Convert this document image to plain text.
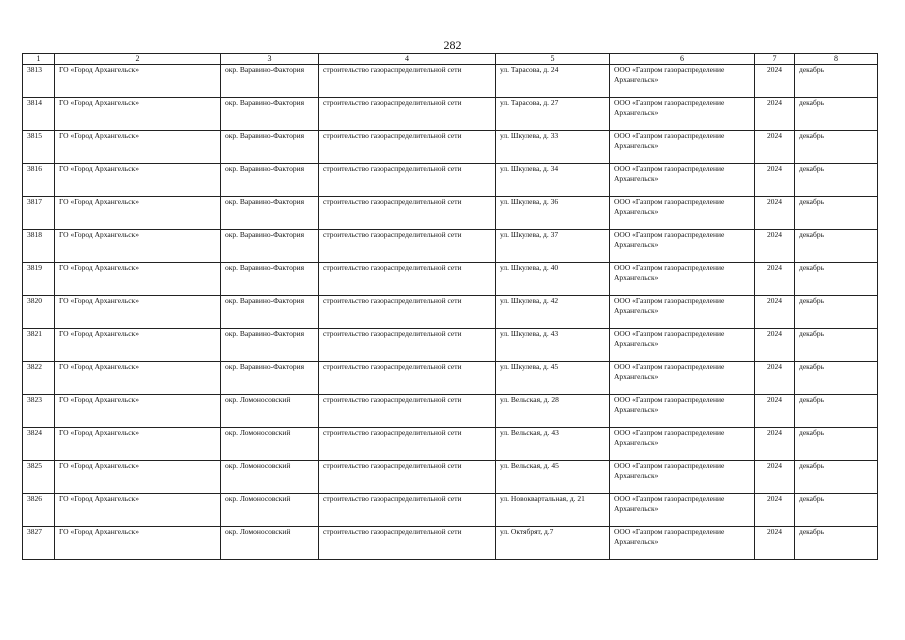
282
1	2	3	4	5	6	7	8
3813	ГО «Город Архангельск»	окр. Варавино-Фактория	строительство газораспределительной сети	ул. Тарасова, д. 24	ООО «Газпром газораспределение Архангельск»	2024	декабрь
3814	ГО «Город Архангельск»	окр. Варавино-Фактория	строительство газораспределительной сети	ул. Тарасова, д. 27	ООО «Газпром газораспределение Архангельск»	2024	декабрь
3815	ГО «Город Архангельск»	окр. Варавино-Фактория	строительство газораспределительной сети	ул. Шкулева, д. 33	ООО «Газпром газораспределение Архангельск»	2024	декабрь
3816	ГО «Город Архангельск»	окр. Варавино-Фактория	строительство газораспределительной сети	ул. Шкулева, д. 34	ООО «Газпром газораспределение Архангельск»	2024	декабрь
3817	ГО «Город Архангельск»	окр. Варавино-Фактория	строительство газораспределительной сети	ул. Шкулева, д. 36	ООО «Газпром газораспределение Архангельск»	2024	декабрь
3818	ГО «Город Архангельск»	окр. Варавино-Фактория	строительство газораспределительной сети	ул. Шкулева, д. 37	ООО «Газпром газораспределение Архангельск»	2024	декабрь
3819	ГО «Город Архангельск»	окр. Варавино-Фактория	строительство газораспределительной сети	ул. Шкулева, д. 40	ООО «Газпром газораспределение Архангельск»	2024	декабрь
3820	ГО «Город Архангельск»	окр. Варавино-Фактория	строительство газораспределительной сети	ул. Шкулева, д. 42	ООО «Газпром газораспределение Архангельск»	2024	декабрь
3821	ГО «Город Архангельск»	окр. Варавино-Фактория	строительство газораспределительной сети	ул. Шкулева, д. 43	ООО «Газпром газораспределение Архангельск»	2024	декабрь
3822	ГО «Город Архангельск»	окр. Варавино-Фактория	строительство газораспределительной сети	ул. Шкулева, д. 45	ООО «Газпром газораспределение Архангельск»	2024	декабрь
3823	ГО «Город Архангельск»	окр. Ломоносовский	строительство газораспределительной сети	ул. Вельская, д. 28	ООО «Газпром газораспределение Архангельск»	2024	декабрь
3824	ГО «Город Архангельск»	окр. Ломоносовский	строительство газораспределительной сети	ул. Вельская, д. 43	ООО «Газпром газораспределение Архангельск»	2024	декабрь
3825	ГО «Город Архангельск»	окр. Ломоносовский	строительство газораспределительной сети	ул. Вельская, д. 45	ООО «Газпром газораспределение Архангельск»	2024	декабрь
3826	ГО «Город Архангельск»	окр. Ломоносовский	строительство газораспределительной сети	ул. Новоквартальная, д. 21	ООО «Газпром газораспределение Архангельск»	2024	декабрь
3827	ГО «Город Архангельск»	окр. Ломоносовский	строительство газораспределительной сети	ул. Октябрят, д.7	ООО «Газпром газораспределение Архангельск»	2024	декабрь
